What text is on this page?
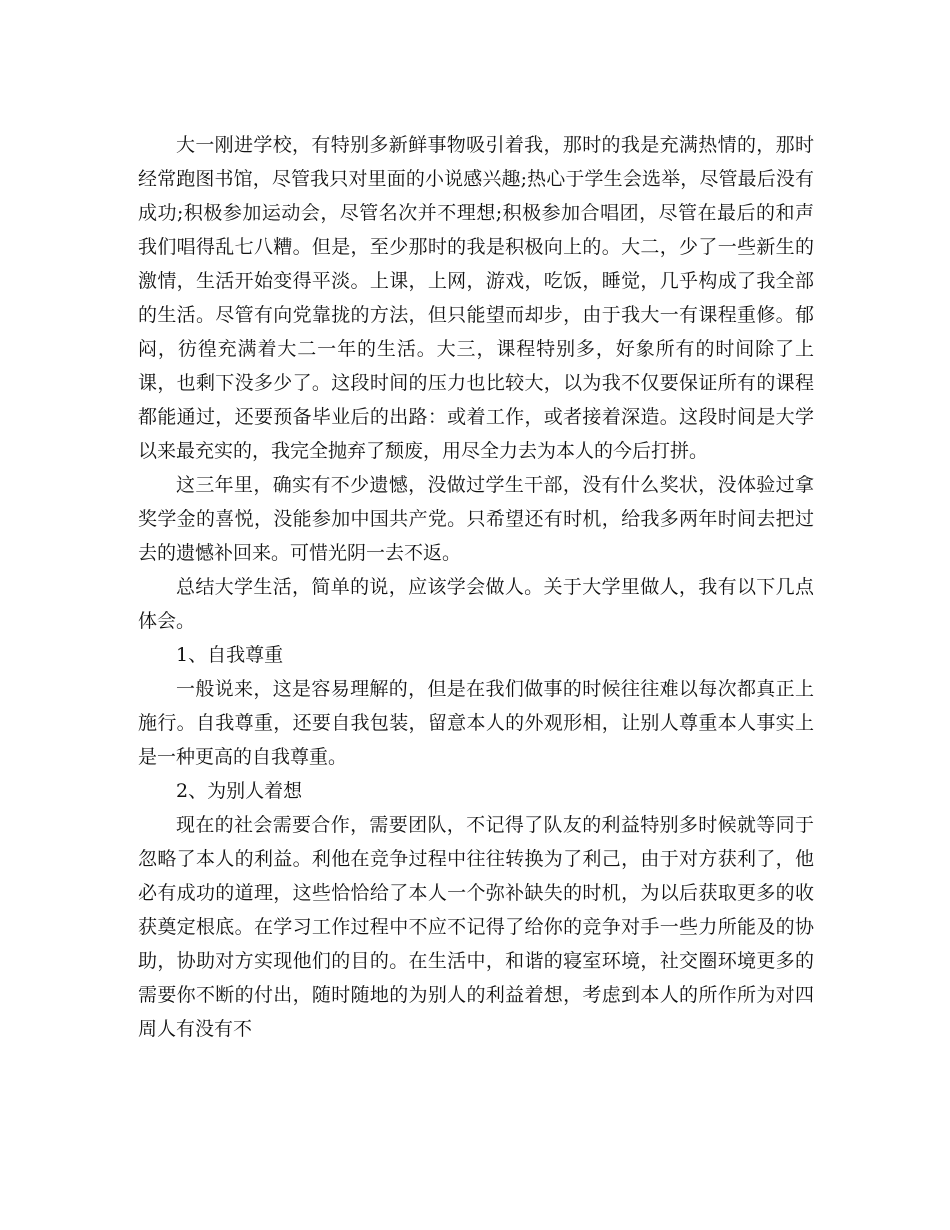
大一刚进学校，有特别多新鲜事物吸引着我，那时的我是充满热情的，那时经常跑图书馆，尽管我只对里面的小说感兴趣;热心于学生会选举，尽管最后没有成功;积极参加运动会，尽管名次并不理想;积极参加合唱团，尽管在最后的和声我们唱得乱七八糟。但是，至少那时的我是积极向上的。大二，少了一些新生的激情，生活开始变得平淡。上课，上网，游戏，吃饭，睡觉，几乎构成了我全部的生活。尽管有向党靠拢的方法，但只能望而却步，由于我大一有课程重修。郁闷，彷徨充满着大二一年的生活。大三，课程特别多，好象所有的时间除了上课，也剩下没多少了。这段时间的压力也比较大，以为我不仅要保证所有的课程都能通过，还要预备毕业后的出路：或着工作，或者接着深造。这段时间是大学以来最充实的，我完全抛弃了颓废，用尽全力去为本人的今后打拼。

这三年里，确实有不少遗憾，没做过学生干部，没有什么奖状，没体验过拿奖学金的喜悦，没能参加中国共产党。只希望还有时机，给我多两年时间去把过去的遗憾补回来。可惜光阴一去不返。

总结大学生活，简单的说，应该学会做人。关于大学里做人，我有以下几点体会。

1、自我尊重

一般说来，这是容易理解的，但是在我们做事的时候往往难以每次都真正上施行。自我尊重，还要自我包装，留意本人的外观形相，让别人尊重本人事实上是一种更高的自我尊重。

2、为别人着想

现在的社会需要合作，需要团队，不记得了队友的利益特别多时候就等同于忽略了本人的利益。利他在竞争过程中往往转换为了利己，由于对方获利了，他必有成功的道理，这些恰恰给了本人一个弥补缺失的时机，为以后获取更多的收获奠定根底。在学习工作过程中不应不记得了给你的竞争对手一些力所能及的协助，协助对方实现他们的目的。在生活中，和谐的寝室环境，社交圈环境更多的需要你不断的付出，随时随地的为别人的利益着想，考虑到本人的所作所为对四周人有没有不
